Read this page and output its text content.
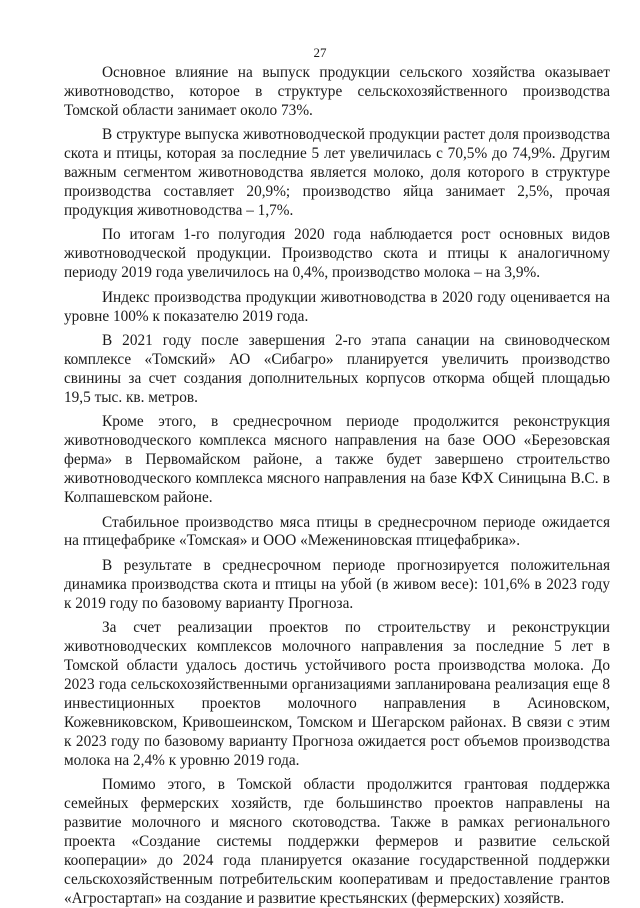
27

Основное влияние на выпуск продукции сельского хозяйства оказывает животноводство, которое в структуре сельскохозяйственного производства Томской области занимает около 73%.

В структуре выпуска животноводческой продукции растет доля производства скота и птицы, которая за последние 5 лет увеличилась с 70,5% до 74,9%. Другим важным сегментом животноводства является молоко, доля которого в структуре производства составляет 20,9%; производство яйца занимает 2,5%, прочая продукция животноводства – 1,7%.

По итогам 1-го полугодия 2020 года наблюдается рост основных видов животноводческой продукции. Производство скота и птицы к аналогичному периоду 2019 года увеличилось на 0,4%, производство молока – на 3,9%.

Индекс производства продукции животноводства в 2020 году оценивается на уровне 100% к показателю 2019 года.

В 2021 году после завершения 2-го этапа санации на свиноводческом комплексе «Томский» АО «Сибагро» планируется увеличить производство свинины за счет создания дополнительных корпусов откорма общей площадью 19,5 тыс. кв. метров.

Кроме этого, в среднесрочном периоде продолжится реконструкция животноводческого комплекса мясного направления на базе ООО «Березовская ферма» в Первомайском районе, а также будет завершено строительство животноводческого комплекса мясного направления на базе КФХ Синицына В.С. в Колпашевском районе.

Стабильное производство мяса птицы в среднесрочном периоде ожидается на птицефабрике «Томская» и ООО «Межениновская птицефабрика».

В результате в среднесрочном периоде прогнозируется положительная динамика производства скота и птицы на убой (в живом весе): 101,6% в 2023 году к 2019 году по базовому варианту Прогноза.

За счет реализации проектов по строительству и реконструкции животноводческих комплексов молочного направления за последние 5 лет в Томской области удалось достичь устойчивого роста производства молока. До 2023 года сельскохозяйственными организациями запланирована реализация еще 8 инвестиционных проектов молочного направления в Асиновском, Кожевниковском, Кривошеинском, Томском и Шегарском районах. В связи с этим к 2023 году по базовому варианту Прогноза ожидается рост объемов производства молока на 2,4% к уровню 2019 года.

Помимо этого, в Томской области продолжится грантовая поддержка семейных фермерских хозяйств, где большинство проектов направлены на развитие молочного и мясного скотоводства. Также в рамках регионального проекта «Создание системы поддержки фермеров и развитие сельской кооперации» до 2024 года планируется оказание государственной поддержки сельскохозяйственным потребительским кооперативам и предоставление грантов «Агростартап» на создание и развитие крестьянских (фермерских) хозяйств.
